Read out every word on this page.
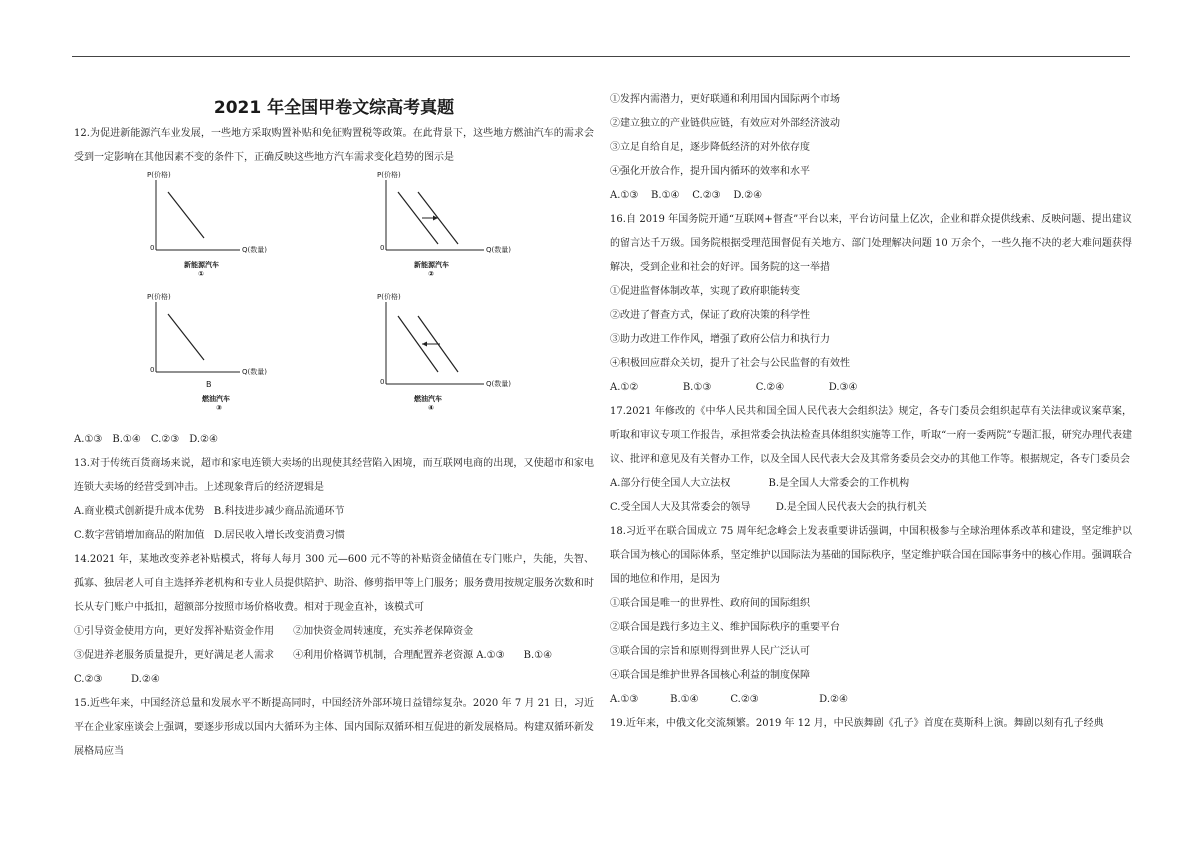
2021 年全国甲卷文综高考真题

12.为促进新能源汽车业发展，一些地方采取购置补贴和免征购置税等政策。在此背景下，这些地方燃油汽车的需求会受到一定影响在其他因素不变的条件下，正确反映这些地方汽车需求变化趋势的图示是

P(价格)
0	Q(数量)
新能源汽车
①
P(价格)
0	Q(数量)
新能源汽车
②
P(价格)
0	Q(数量)
B
燃油汽车
③
P(价格)
0	Q(数量)
燃油汽车
④

A.①③ B.①④ C.②③ D.②④

13.对于传统百货商场来说，超市和家电连锁大卖场的出现使其经营陷入困境，而互联网电商的出现，又使超市和家电连锁大卖场的经营受到冲击。上述现象背后的经济逻辑是

A.商业模式创新提升成本优势   B.科技进步减少商品流通环节

C.数字营销增加商品的附加值   D.居民收入增长改变消费习惯

14.2021 年，某地改变养老补贴模式，将每人每月 300 元—600 元不等的补贴资金储值在专门账户，失能，失智、孤寡、独居老人可自主选择养老机构和专业人员提供陪护、助浴、修剪指甲等上门服务；服务费用按规定服务次数和时长从专门账户中抵扣，超额部分按照市场价格收费。相对于现金直补，该模式可

①引导资金使用方向，更好发挥补贴资金作用      ②加快资金周转速度，充实养老保障资金

③促进养老服务质量提升，更好满足老人需求      ④利用价格调节机制，合理配置养老资源 A.①③      B.①④

C.②③         D.②④

15.近些年来，中国经济总量和发展水平不断提高同时，中国经济外部环境日益错综复杂。2020 年 7 月 21 日，习近平在企业家座谈会上强调，要逐步形成以国内大循环为主体、国内国际双循环相互促进的新发展格局。构建双循环新发展格局应当

①发挥内需潜力，更好联通和利用国内国际两个市场

②建立独立的产业链供应链，有效应对外部经济波动

③立足自给自足，逐步降低经济的对外依存度

④强化开放合作，提升国内循环的效率和水平

A.①③    B.①④    C.②③    D.②④

16.自 2019 年国务院开通“互联网+督查”平台以来，平台访问量上亿次，企业和群众提供线索、反映问题、提出建议的留言达千万级。国务院根据受理范围督促有关地方、部门处理解决问题 10 万余个，一些久拖不决的老大难问题获得解决，受到企业和社会的好评。国务院的这一举措

①促进监督体制改革，实现了政府职能转变

②改进了督查方式，保证了政府决策的科学性

③助力改进工作作风，增强了政府公信力和执行力

④积极回应群众关切，提升了社会与公民监督的有效性

A.①②              B.①③              C.②④              D.③④

17.2021 年修改的《中华人民共和国全国人民代表大会组织法》规定，各专门委员会组织起草有关法律或议案草案，听取和审议专项工作报告，承担常委会执法检查具体组织实施等工作，听取“一府一委两院”专题汇报，研究办理代表建议、批评和意见及有关督办工作，以及全国人民代表大会及其常务委员会交办的其他工作等。根据规定，各专门委员会

A.部分行使全国人大立法权            B.是全国人大常委会的工作机构

C.受全国人大及其常委会的领导        D.是全国人民代表大会的执行机关

18.习近平在联合国成立 75 周年纪念峰会上发表重要讲话强调，中国积极参与全球治理体系改革和建设，坚定维护以联合国为核心的国际体系，坚定维护以国际法为基础的国际秩序，坚定维护联合国在国际事务中的核心作用。强调联合国的地位和作用，是因为

①联合国是唯一的世界性、政府间的国际组织

②联合国是践行多边主义、维护国际秩序的重要平台

③联合国的宗旨和原则得到世界人民广泛认可

④联合国是维护世界各国核心利益的制度保障

A.①③          B.①④          C.②③                   D.②④

19.近年来，中俄文化交流频繁。2019 年 12 月，中民族舞剧《孔子》首度在莫斯科上演。舞剧以刻有孔子经典
